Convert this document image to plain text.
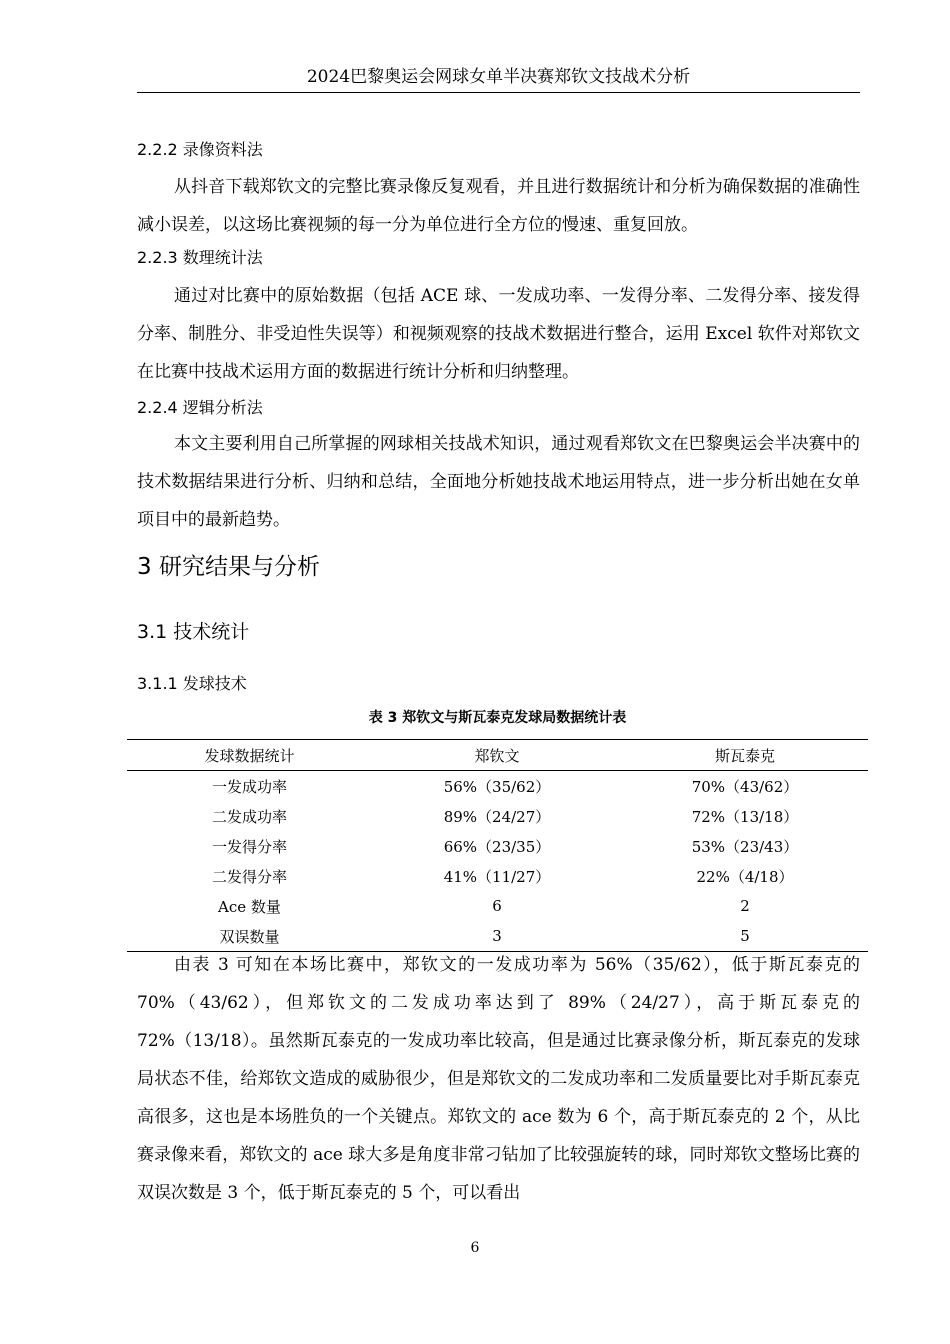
2024巴黎奥运会网球女单半决赛郑钦文技战术分析
2.2.2 录像资料法

从抖音下载郑钦文的完整比赛录像反复观看，并且进行数据统计和分析为确保数据的准确性减小误差，以这场比赛视频的每一分为单位进行全方位的慢速、重复回放。

2.2.3 数理统计法

通过对比赛中的原始数据（包括 ACE 球、一发成功率、一发得分率、二发得分率、接发得分率、制胜分、非受迫性失误等）和视频观察的技战术数据进行整合，运用 Excel 软件对郑钦文在比赛中技战术运用方面的数据进行统计分析和归纳整理。

2.2.4 逻辑分析法

本文主要利用自己所掌握的网球相关技战术知识，通过观看郑钦文在巴黎奥运会半决赛中的技术数据结果进行分析、归纳和总结，全面地分析她技战术地运用特点，进一步分析出她在女单项目中的最新趋势。

3 研究结果与分析
3.1 技术统计
3.1.1 发球技术
表 3 郑钦文与斯瓦泰克发球局数据统计表
发球数据统计	郑钦文	斯瓦泰克
一发成功率	56%（35/62）	70%（43/62）
二发成功率	89%（24/27）	72%（13/18）
一发得分率	66%（23/35）	53%（23/43）
二发得分率	41%（11/27）	22%（4/18）
Ace 数量	6	2
双误数量	3	5

由表 3 可知在本场比赛中，郑钦文的一发成功率为 56%（35/62），低于斯瓦泰克的 70%（43/62），但郑钦文的二发成功率达到了 89%（24/27），高于斯瓦泰克的 72%（13/18）。虽然斯瓦泰克的一发成功率比较高，但是通过比赛录像分析，斯瓦泰克的发球局状态不佳，给郑钦文造成的威胁很少，但是郑钦文的二发成功率和二发质量要比对手斯瓦泰克高很多，这也是本场胜负的一个关键点。郑钦文的 ace 数为 6 个，高于斯瓦泰克的 2 个，从比赛录像来看，郑钦文的 ace 球大多是角度非常刁钻加了比较强旋转的球，同时郑钦文整场比赛的双误次数是 3 个，低于斯瓦泰克的 5 个，可以看出

6
